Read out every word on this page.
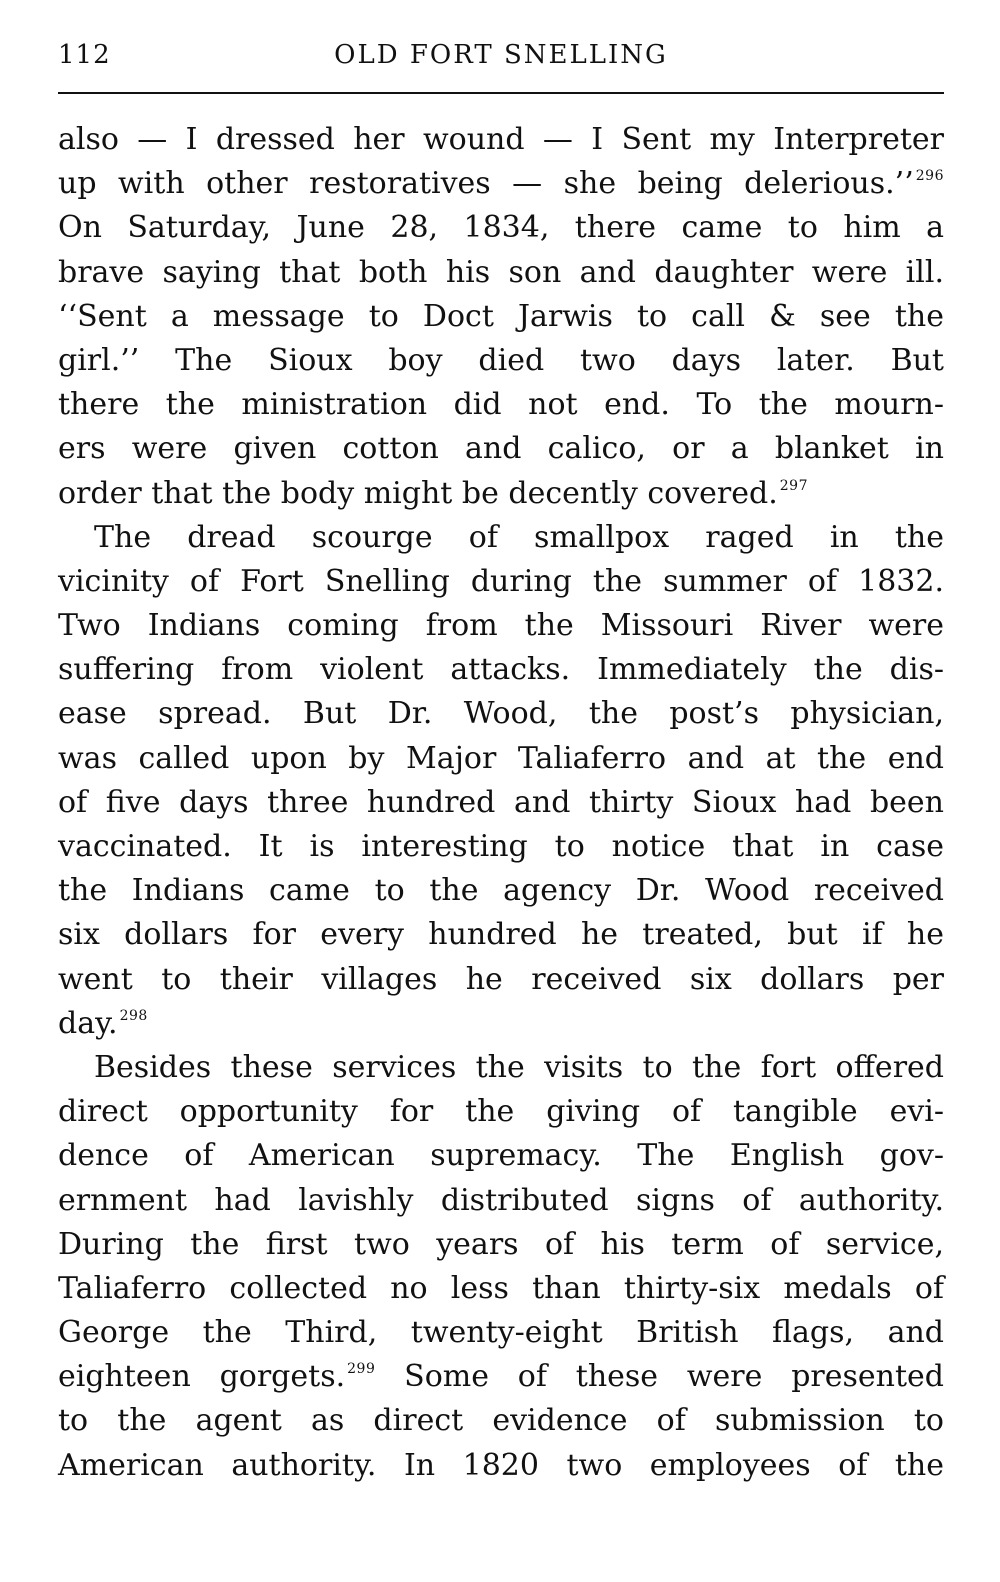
112	OLD FORT SNELLING
also — I dressed her wound — I Sent my Interpreter
up with other restoratives — she being delerious.’’ $^{296}$
On Saturday, June 28, 1834, there came to him a
brave saying that both his son and daughter were ill.
‘‘Sent a message to Doct Jarwis to call & see the
girl.’’ The Sioux boy died two days later. But
there the ministration did not end. To the mourn-
ers were given cotton and calico, or a blanket in
order that the body might be decently covered. $^{297}$
The dread scourge of smallpox raged in the
vicinity of Fort Snelling during the summer of 1832.
Two Indians coming from the Missouri River were
suffering from violent attacks. Immediately the dis-
ease spread. But Dr. Wood, the post’s physician,
was called upon by Major Taliaferro and at the end
of five days three hundred and thirty Sioux had been
vaccinated. It is interesting to notice that in case
the Indians came to the agency Dr. Wood received
six dollars for every hundred he treated, but if he
went to their villages he received six dollars per
day. $^{298}$
Besides these services the visits to the fort offered
direct opportunity for the giving of tangible evi-
dence of American supremacy. The English gov-
ernment had lavishly distributed signs of authority.
During the first two years of his term of service,
Taliaferro collected no less than thirty-six medals of
George the Third, twenty-eight British flags, and
eighteen gorgets. $^{299}$ Some of these were presented
to the agent as direct evidence of submission to
American authority. In 1820 two employees of the
